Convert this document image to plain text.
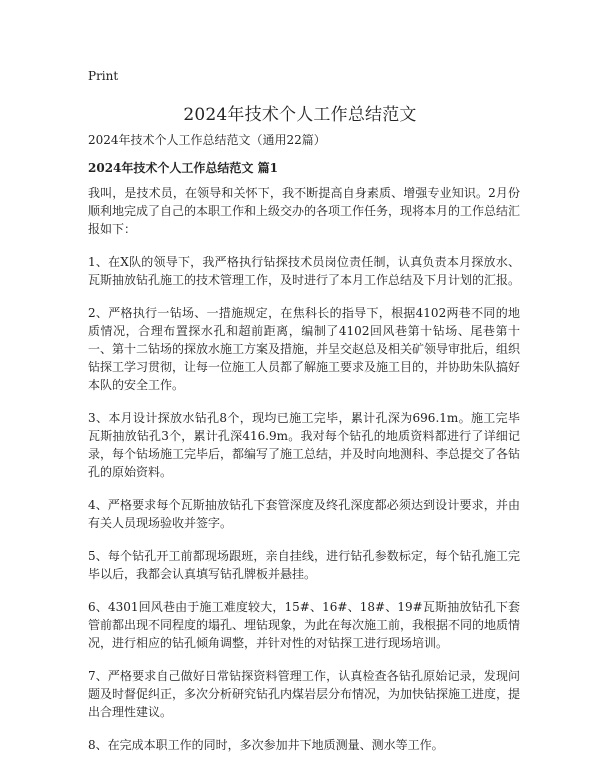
Print
2024年技术个人工作总结范文

2024年技术个人工作总结范文（通用22篇）

2024年技术个人工作总结范文 篇1

我叫，是技术员，在领导和关怀下，我不断提高自身素质、增强专业知识。2月份顺利地完成了自己的本职工作和上级交办的各项工作任务，现将本月的工作总结汇报如下：

1、在X队的领导下，我严格执行钻探技术员岗位责任制，认真负责本月探放水、瓦斯抽放钻孔施工的技术管理工作，及时进行了本月工作总结及下月计划的汇报。

2、严格执行一钻场、一措施规定，在焦科长的指导下，根据4102两巷不同的地质情况，合理布置探水孔和超前距离，编制了4102回风巷第十钻场、尾巷第十一、第十二钻场的探放水施工方案及措施，并呈交赵总及相关矿领导审批后，组织钻探工学习贯彻，让每一位施工人员都了解施工要求及施工目的，并协助朱队搞好本队的安全工作。

3、本月设计探放水钻孔8个，现均已施工完毕，累计孔深为696.1m。施工完毕瓦斯抽放钻孔3个，累计孔深416.9m。我对每个钻孔的地质资料都进行了详细记录，每个钻场施工完毕后，都编写了施工总结，并及时向地测科、李总提交了各钻孔的原始资料。

4、严格要求每个瓦斯抽放钻孔下套管深度及终孔深度都必须达到设计要求，并由有关人员现场验收并签字。

5、每个钻孔开工前都现场跟班，亲自挂线，进行钻孔参数标定，每个钻孔施工完毕以后，我都会认真填写钻孔牌板并悬挂。

6、4301回风巷由于施工难度较大，15#、16#、18#、19#瓦斯抽放钻孔下套管前都出现不同程度的塌孔、埋钻现象，为此在每次施工前，我根据不同的地质情况，进行相应的钻孔倾角调整，并针对性的对钻探工进行现场培训。

7、严格要求自己做好日常钻探资料管理工作，认真检查各钻孔原始记录，发现问题及时督促纠正，多次分析研究钻孔内煤岩层分布情况，为加快钻探施工进度，提出合理性建议。

8、在完成本职工作的同时，多次参加井下地质测量、测水等工作。
